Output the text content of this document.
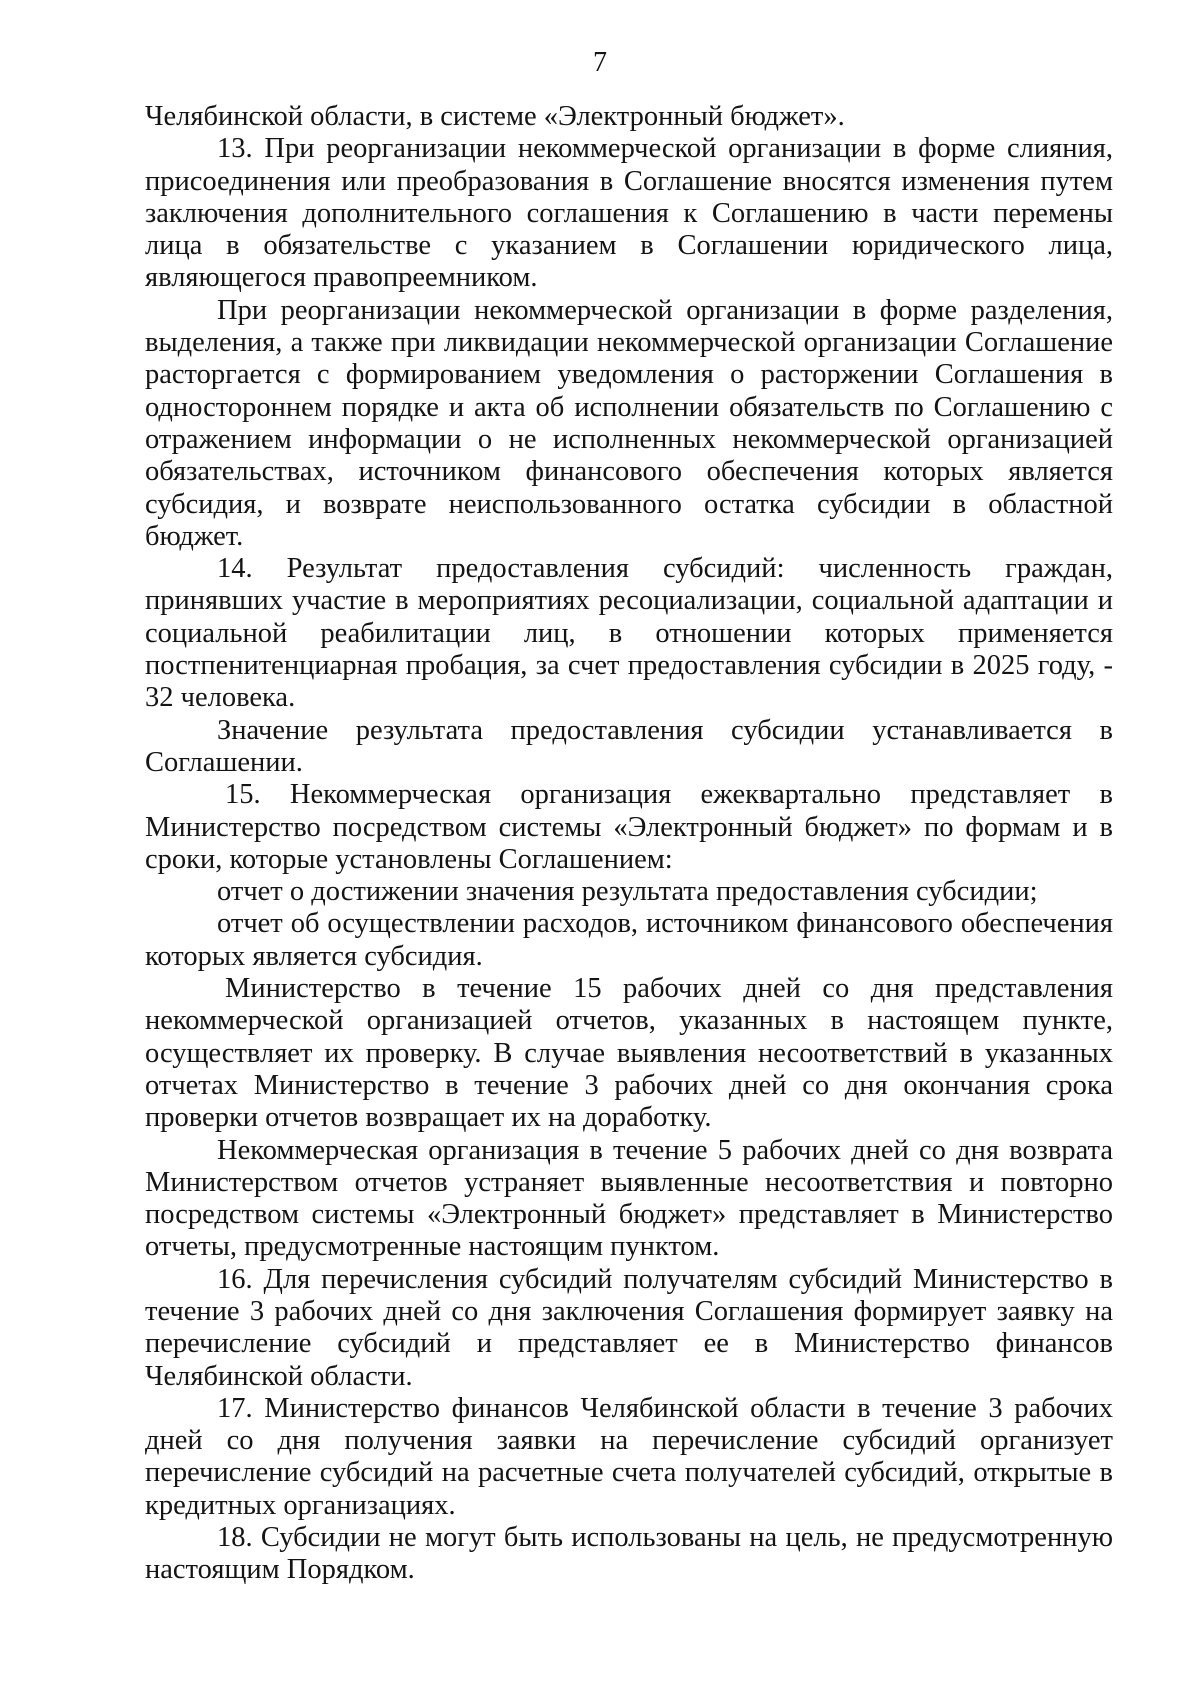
7

Челябинской области, в системе «Электронный бюджет».

13. При реорганизации некоммерческой организации в форме слияния, присоединения или преобразования в Соглашение вносятся изменения путем заключения дополнительного соглашения к Соглашению в части перемены лица в обязательстве с указанием в Соглашении юридического лица, являющегося правопреемником.

При реорганизации некоммерческой организации в форме разделения, выделения, а также при ликвидации некоммерческой организации Соглашение расторгается с формированием уведомления о расторжении Соглашения в одностороннем порядке и акта об исполнении обязательств по Соглашению с отражением информации о не исполненных некоммерческой организацией обязательствах, источником финансового обеспечения которых является субсидия, и возврате неиспользованного остатка субсидии в областной бюджет.

14. Результат предоставления субсидий: численность граждан, принявших участие в мероприятиях ресоциализации, социальной адаптации и социальной реабилитации лиц, в отношении которых применяется постпенитенциарная пробация, за счет предоставления субсидии в 2025 году, - 32 человека.

Значение результата предоставления субсидии устанавливается в Соглашении.

15. Некоммерческая организация ежеквартально представляет в Министерство посредством системы «Электронный бюджет» по формам и в сроки, которые установлены Соглашением:

отчет о достижении значения результата предоставления субсидии;

отчет об осуществлении расходов, источником финансового обеспечения которых является субсидия.

Министерство в течение 15 рабочих дней со дня представления некоммерческой организацией отчетов, указанных в настоящем пункте, осуществляет их проверку. В случае выявления несоответствий в указанных отчетах Министерство в течение 3 рабочих дней со дня окончания срока проверки отчетов возвращает их на доработку.

Некоммерческая организация в течение 5 рабочих дней со дня возврата Министерством отчетов устраняет выявленные несоответствия и повторно посредством системы «Электронный бюджет» представляет в Министерство отчеты, предусмотренные настоящим пунктом.

16. Для перечисления субсидий получателям субсидий Министерство в течение 3 рабочих дней со дня заключения Соглашения формирует заявку на перечисление субсидий и представляет ее в Министерство финансов Челябинской области.

17. Министерство финансов Челябинской области в течение 3 рабочих дней со дня получения заявки на перечисление субсидий организует перечисление субсидий на расчетные счета получателей субсидий, открытые в кредитных организациях.

18. Субсидии не могут быть использованы на цель, не предусмотренную настоящим Порядком.
